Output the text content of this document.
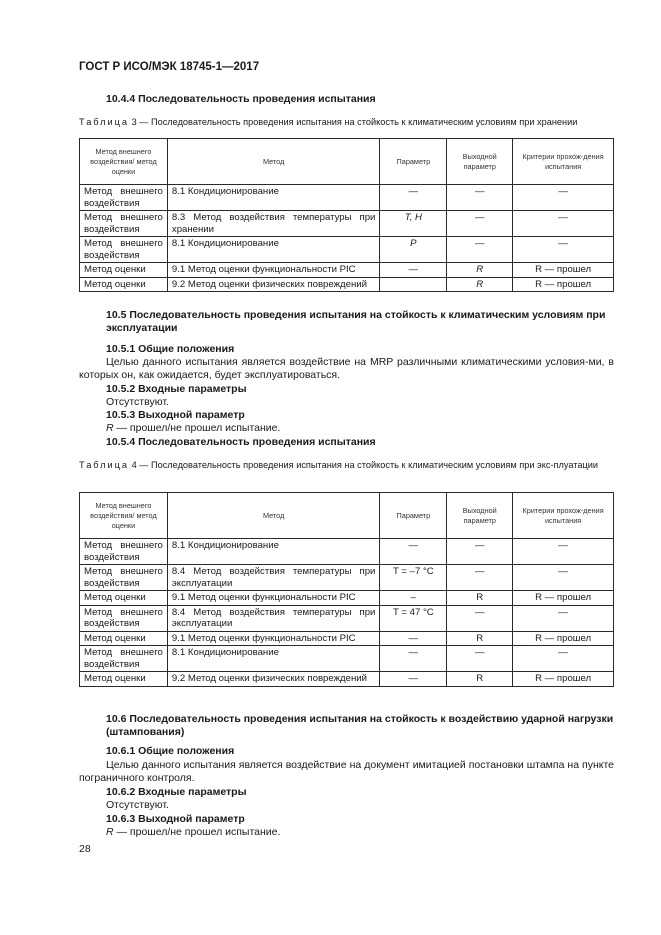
ГОСТ Р ИСО/МЭК 18745-1—2017
10.4.4 Последовательность проведения испытания
Таблица 3 — Последовательность проведения испытания на стойкость к климатическим условиям при хранении
Метод внешнего воздействия/ метод оценки	Метод	Параметр	Выходной параметр	Критерии прохож-дения испытания
Метод внешнего воздействия	8.1 Кондиционирование	—	—	—
Метод внешнего воздействия	8.3 Метод воздействия температуры при хранении	T, H	—	—
Метод внешнего воздействия	8.1 Кондиционирование	P	—	—
Метод оценки	9.1 Метод оценки функциональности PIC	—	R	R — прошел
Метод оценки	9.2 Метод оценки физических повреждений		R	R — прошел
10.5 Последовательность проведения испытания на стойкость к климатическим условиям при эксплуатации
10.5.1 Общие положения
Целью данного испытания является воздействие на MRP различными климатическими условия-ми, в которых он, как ожидается, будет эксплуатироваться.
10.5.2 Входные параметры
Отсутствуют.
10.5.3 Выходной параметр
R — прошел/не прошел испытание.
10.5.4 Последовательность проведения испытания
Таблица 4 — Последовательность проведения испытания на стойкость к климатическим условиям при экс-плуатации
Метод внешнего воздействия/ метод оценки	Метод	Параметр	Выходной параметр	Критерии прохож-дения испытания
Метод внешнего воздействия	8.1 Кондиционирование	—	—	—
Метод внешнего воздействия	8.4 Метод воздействия температуры при эксплуатации	T = –7 °C	—	—
Метод оценки	9.1 Метод оценки функциональности PIC	–	R	R — прошел
Метод внешнего воздействия	8.4 Метод воздействия температуры при эксплуатации	T = 47 °C	—	—
Метод оценки	9.1 Метод оценки функциональности PIC	—	R	R — прошел
Метод внешнего воздействия	8.1 Кондиционирование	—	—	—
Метод оценки	9.2 Метод оценки физических повреждений	—	R	R — прошел
10.6 Последовательность проведения испытания на стойкость к воздействию ударной нагрузки (штампования)
10.6.1 Общие положения
Целью данного испытания является воздействие на документ имитацией постановки штампа на пункте пограничного контроля.
10.6.2 Входные параметры
Отсутствуют.
10.6.3 Выходной параметр
R — прошел/не прошел испытание.
28
